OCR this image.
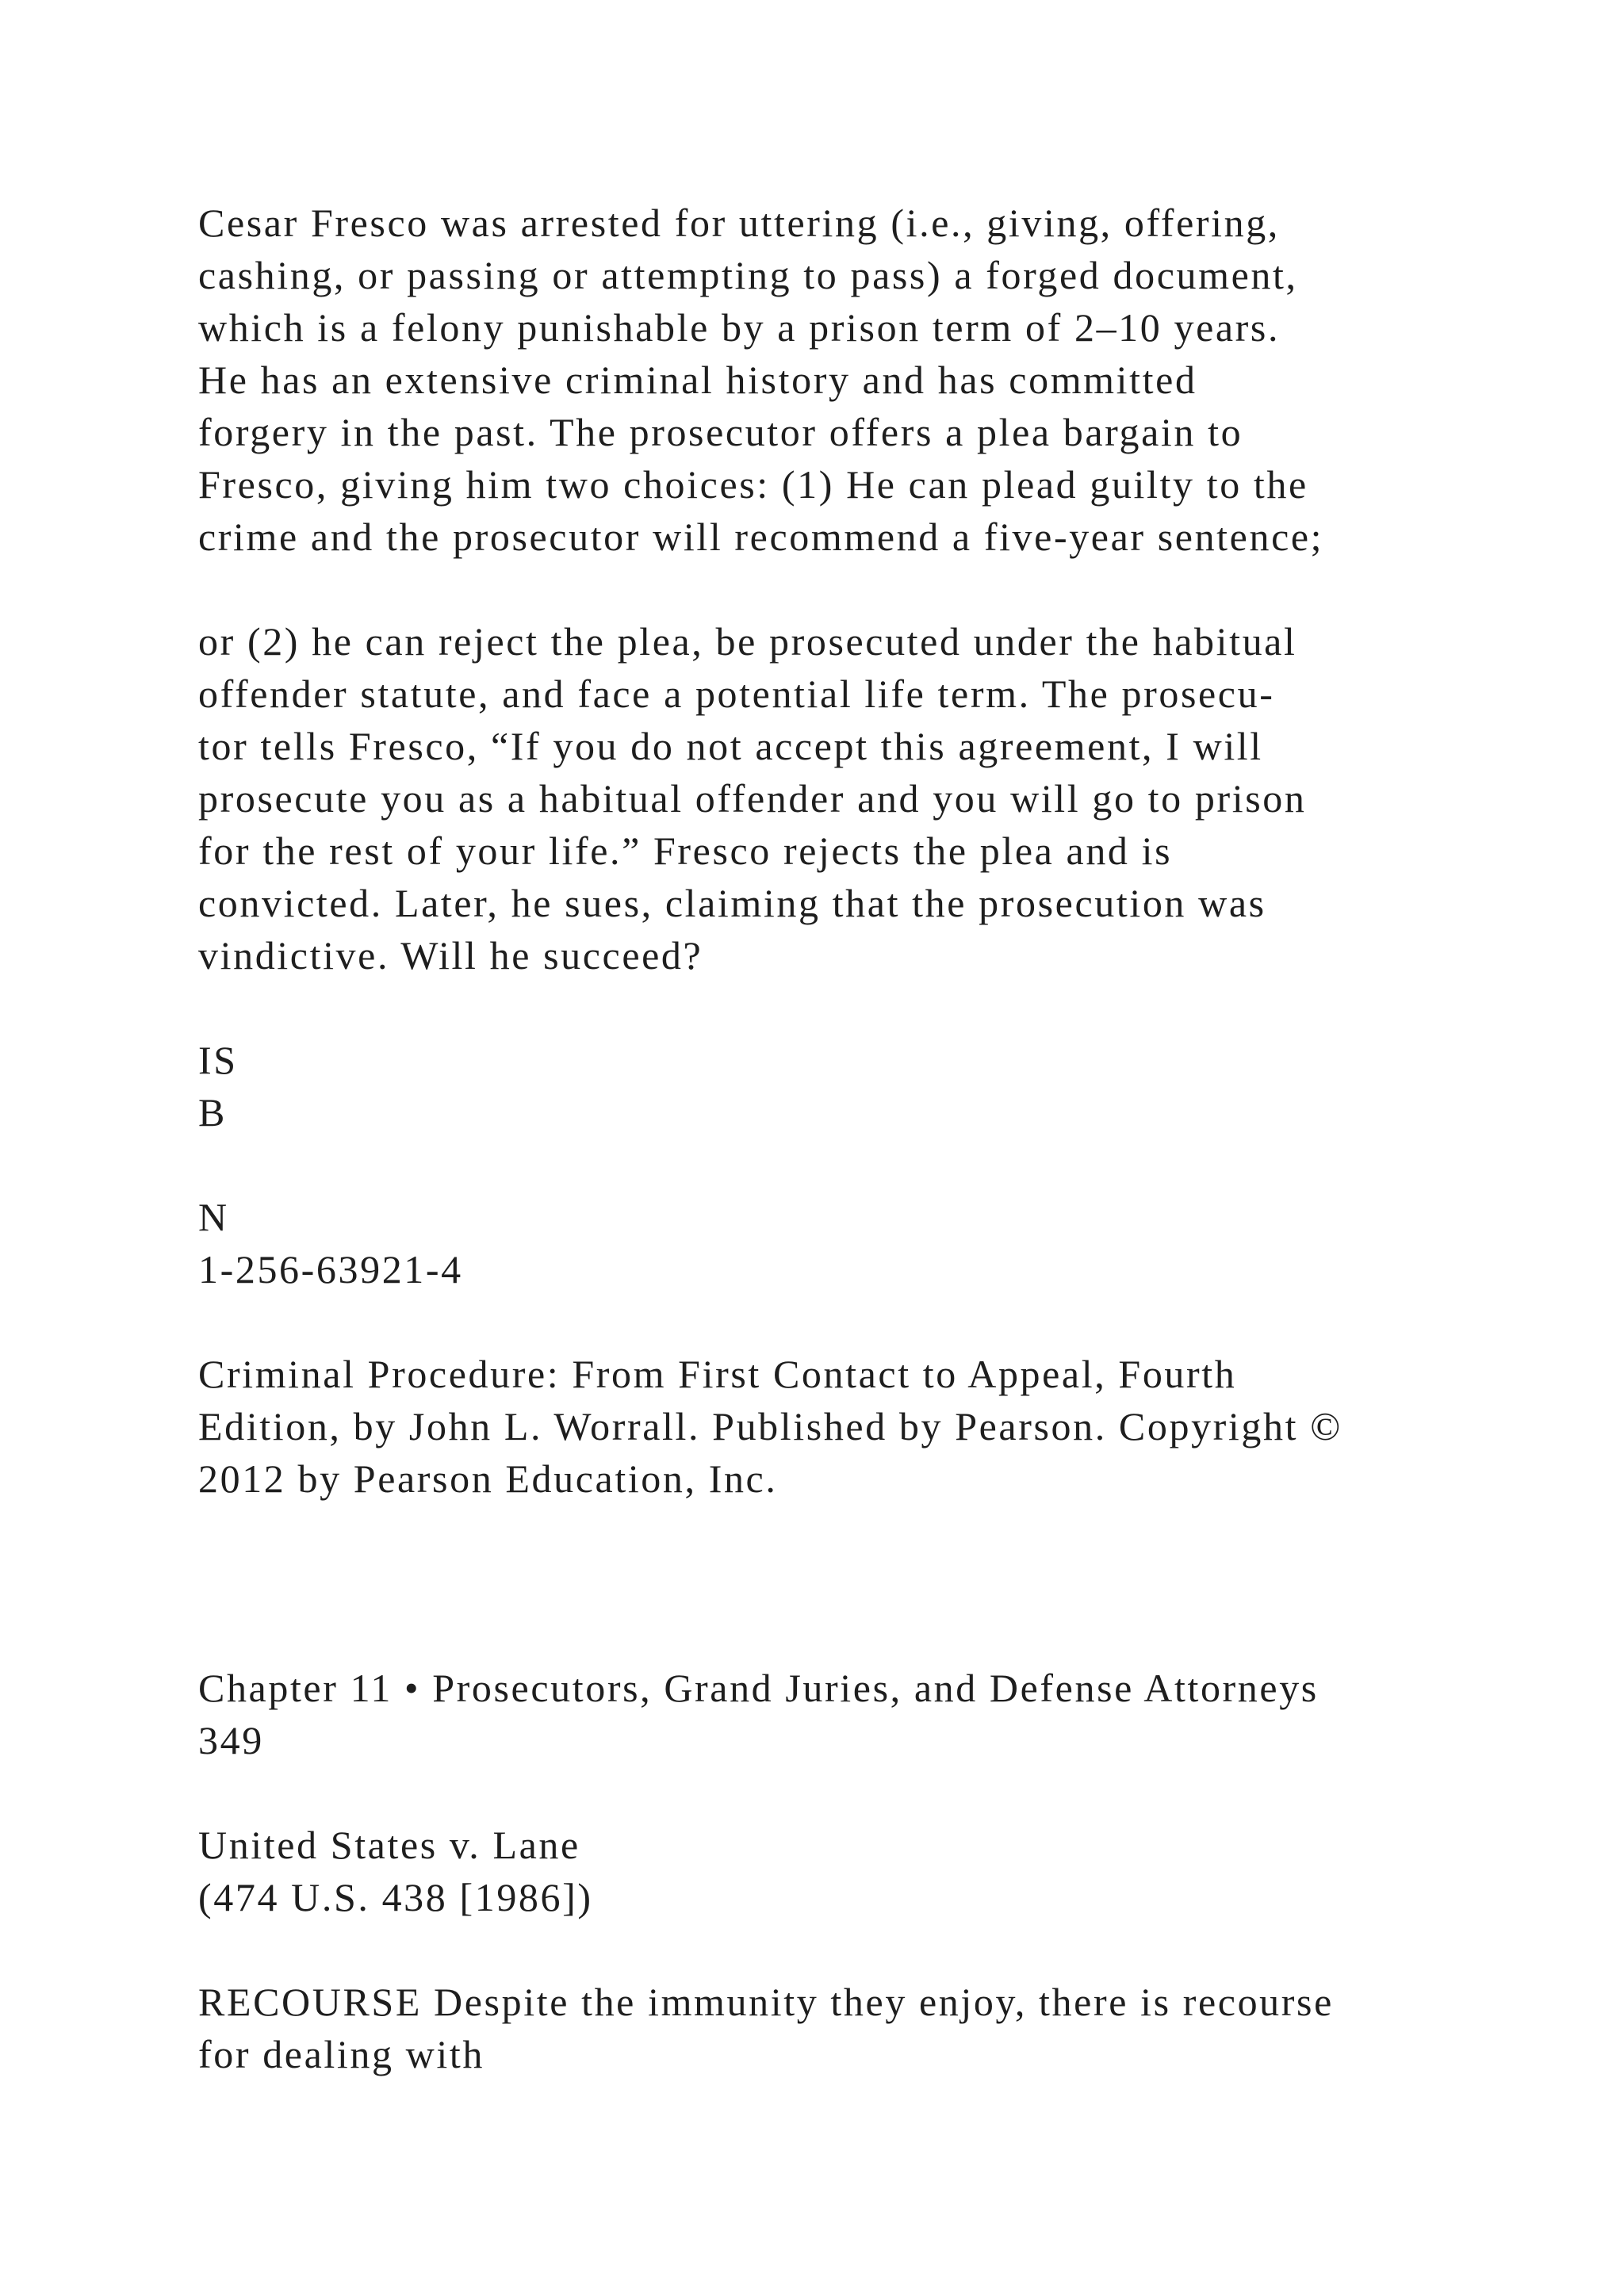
Cesar Fresco was arrested for uttering (i.e., giving, offering,
cashing, or passing or attempting to pass) a forged document,
which is a felony punishable by a prison term of 2–10 years.
He has an extensive criminal history and has committed
forgery in the past. The prosecutor offers a plea bargain to
Fresco, giving him two choices: (1) He can plead guilty to the
crime and the prosecutor will recommend a five-year sentence;

or (2) he can reject the plea, be prosecuted under the habitual
offender statute, and face a potential life term. The prosecu-
tor tells Fresco, “If you do not accept this agreement, I will
prosecute you as a habitual offender and you will go to prison
for the rest of your life.” Fresco rejects the plea and is
convicted. Later, he sues, claiming that the prosecution was
vindictive. Will he succeed?

IS
B

N
1-256-63921-4

Criminal Procedure: From First Contact to Appeal, Fourth
Edition, by John L. Worrall. Published by Pearson. Copyright ©
2012 by Pearson Education, Inc.

Chapter 11 • Prosecutors, Grand Juries, and Defense Attorneys
349

United States v. Lane
(474 U.S. 438 [1986])

RECOURSE Despite the immunity they enjoy, there is recourse
for dealing with
